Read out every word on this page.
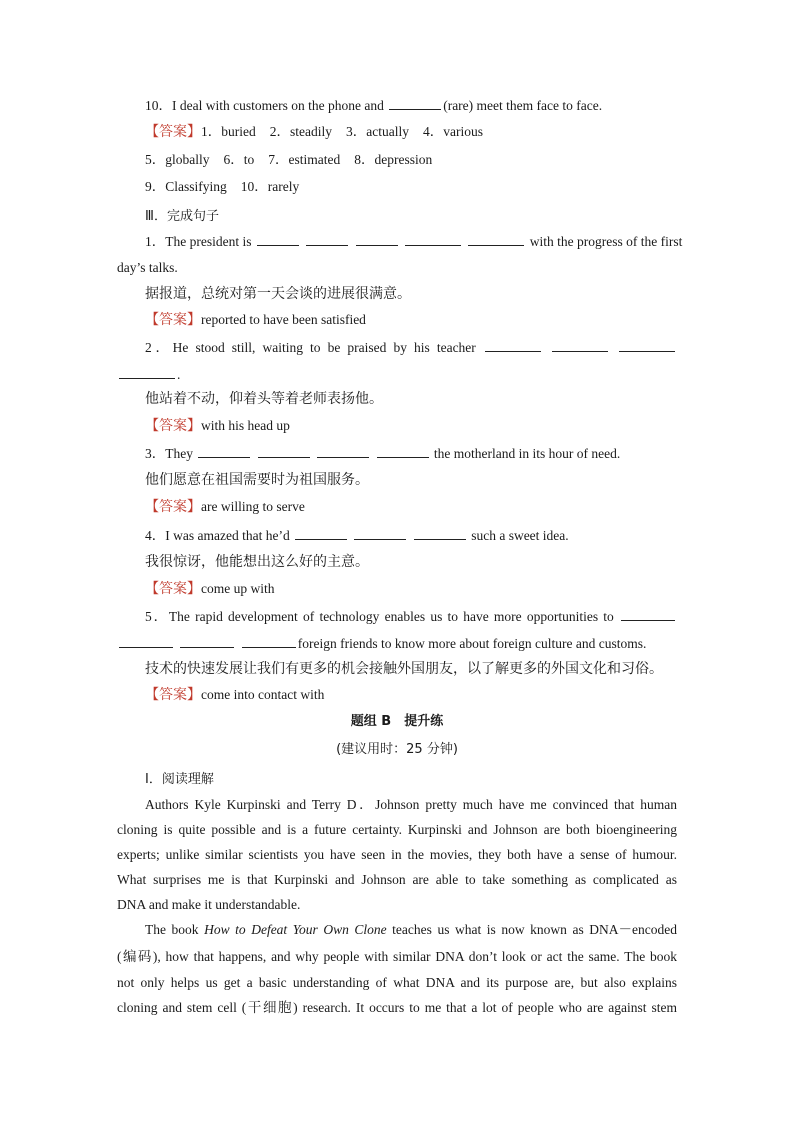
10．I deal with customers on the phone and	(rare) meet them face to face.
【答案】1．buried 2．steadily 3．actually 4．various
5．globally 6．to 7．estimated 8．depression
9．Classifying 10．rarely
Ⅲ．完成句子
1．The president is	with the progress of the first
day’s talks.
据报道，总统对第一天会谈的进展很满意。
【答案】reported to have been satisfied
2．He stood still, waiting to be praised by his teacher
.
他站着不动，仰着头等着老师表扬他。
【答案】with his head up
3．They	the motherland in its hour of need.
他们愿意在祖国需要时为祖国服务。
【答案】are willing to serve
4．I was amazed that he’d	such a sweet idea.
我很惊讶，他能想出这么好的主意。
【答案】come up with
5．The rapid development of technology enables us to have more opportunities to
foreign friends to know more about foreign culture and customs.
技术的快速发展让我们有更多的机会接触外国朋友，以了解更多的外国文化和习俗。
【答案】come into contact with
题组 B　提升练
(建议用时：25 分钟)
Ⅰ．阅读理解
Authors Kyle Kurpinski and Terry D．Johnson pretty much have me convinced that human
cloning is quite possible and is a future certainty. Kurpinski and Johnson are both bioengineering
experts; unlike similar scientists you have seen in the movies, they both have a sense of humour.
What surprises me is that Kurpinski and Johnson are able to take something as complicated as
DNA and make it understandable.
The book How to Defeat Your Own Clone teaches us what is now known as DNA－encoded
(编码), how that happens, and why people with similar DNA don’t look or act the same. The book
not only helps us get a basic understanding of what DNA and its purpose are, but also explains
cloning and stem cell (干细胞) research. It occurs to me that a lot of people who are against stem
